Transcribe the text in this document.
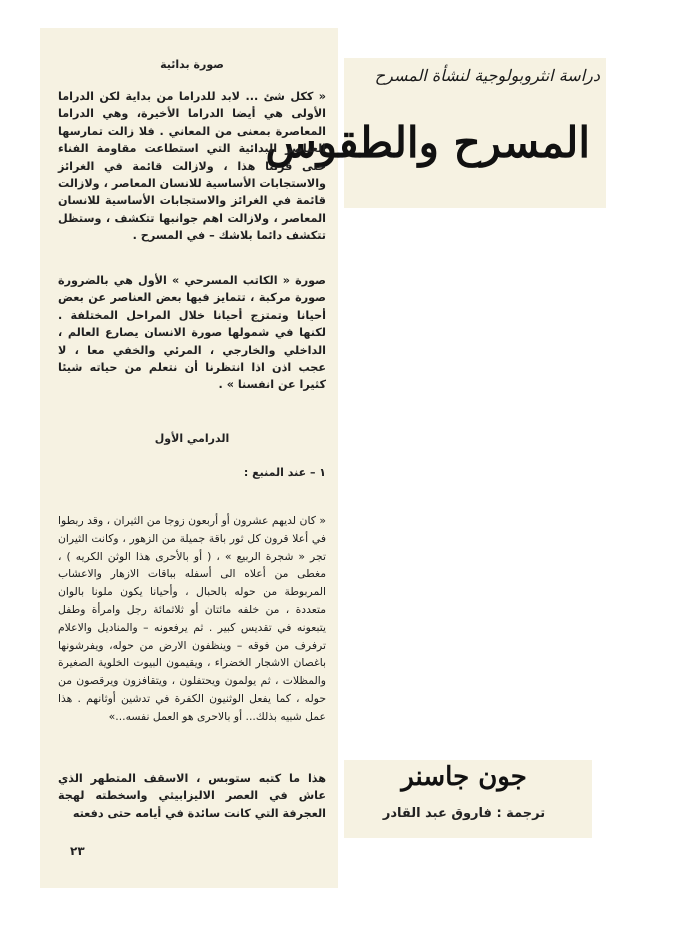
دراسة انثروبولوجية لنشأة المسرح
المسرح والطقوس
جون جاسنر
ترجمة : فاروق عبد القادر
صورة بدائية

« ككل شئ ... لابد للدراما من بداية لكن الدراما الأولى هي أيضا الدراما الأخيرة، وهي الدراما المعاصرة بمعنى من المعاني . فلا زالت تمارسها العناصر البدائية التي استطاعت مقاومة الفناء حتى قرننا هذا ، ولازالت قائمة في الغرائز والاستجابات الأساسية للانسان المعاصر ، ولازالت قائمة في الغرائز والاستجابات الأساسية للانسان المعاصر ، ولازالت اهم جوانبها تتكشف ، وستظل تتكشف دائما بلاشك – في المسرح .

صورة « الكاتب المسرحي » الأول هي بالضرورة صورة مركبة ، تتمايز فيها بعض العناصر عن بعض أحيانا وتمتزج أحيانا خلال المراحل المختلفة . لكنها في شمولها صورة الانسان يصارع العالم ، الداخلي والخارجي ، المرئي والخفي معا ، لا عجب اذن اذا انتظرنا أن نتعلم من حياته شيئا كثيرا عن انفسنا » .

الدرامي الأول
١ – عند المنبع :

« كان لديهم عشرون أو أربعون زوجا من الثيران ، وقد ربطوا في أعلا قرون كل ثور باقة جميلة من الزهور ، وكانت الثيران تجر « شجرة الربيع » ، ( أو بالأحرى هذا الوثن الكريه ) ، مغطى من أعلاه الى أسفله بباقات الازهار والاعشاب المربوطة من حوله بالحبال ، وأحيانا يكون ملونا بالوان متعددة ، من خلفه مائتان أو ثلاثمائة رجل وامرأة وطفل يتبعونه في تقديس كبير . ثم يرفعونه – والمناديل والاعلام ترفرف من فوقه – وينظفون الارض من حوله، ويفرشونها باغصان الاشجار الخضراء ، ويقيمون البيوت الخلوية الصغيرة والمظلات ، ثم يولمون ويحتفلون ، ويتقافزون ويرقصون من حوله ، كما يفعل الوثنيون الكفرة في تدشين أوثانهم . هذا عمل شبيه بذلك... أو بالاحرى هو العمل نفسه...»

هذا ما كتبه ستوبس ، الاسقف المتطهر الذي عاش في العصر الاليزابيثي واسخطته لهجة العجرفة التي كانت سائدة في أيامه حتى دفعته

٢٣
